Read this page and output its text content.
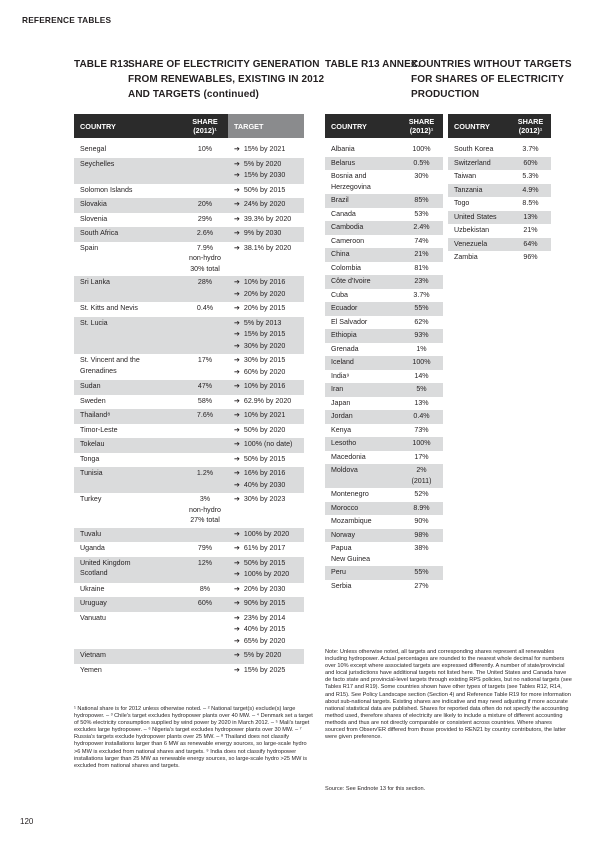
REFERENCE TABLES
TABLE R13.
SHARE OF ELECTRICITY GENERATION
FROM RENEWABLES, EXISTING IN 2012
AND TARGETS (continued)
TABLE R13 ANNEX.
COUNTRIES WITHOUT TARGETS
FOR SHARES OF ELECTRICITY
PRODUCTION
COUNTRY	SHARE
(2012)¹	TARGET

Senegal	10%	➔ 15% by 2021

Seychelles		➔ 5% by 2020
➔ 15% by 2030

Solomon Islands		➔ 50% by 2015

Slovakia	20%	➔ 24% by 2020

Slovenia	29%	➔ 39.3% by 2020

South Africa	2.6%	➔ 9% by 2030

Spain	7.9%
non-hydro
30% total	➔ 38.1% by 2020

Sri Lanka	28%	➔ 10% by 2016
➔ 20% by 2020

St. Kitts and Nevis	0.4%	➔ 20% by 2015

St. Lucia		➔ 5% by 2013
➔ 15% by 2015
➔ 30% by 2020

St. Vincent and the
Grenadines	17%	➔ 30% by 2015
➔ 60% by 2020

Sudan	47%	➔ 10% by 2016

Sweden	58%	➔ 62.9% by 2020

Thailand⁸	7.6%	➔ 10% by 2021

Timor-Leste		➔ 50% by 2020

Tokelau		➔ 100% (no date)

Tonga		➔ 50% by 2015

Tunisia	1.2%	➔ 16% by 2016
➔ 40% by 2030

Turkey	3%
non-hydro
27% total	➔ 30% by 2023

Tuvalu		➔ 100% by 2020

Uganda	79%	➔ 61% by 2017

United Kingdom
Scotland	12%	➔ 50% by 2015
➔ 100% by 2020

Ukraine	8%	➔ 20% by 2030

Uruguay	60%	➔ 90% by 2015

Vanuatu		➔ 23% by 2014
➔ 40% by 2015
➔ 65% by 2020

Vietnam		➔ 5% by 2020

Yemen		➔ 15% by 2025
COUNTRY	SHARE
(2012)¹

Albania	100%

Belarus	0.5%

Bosnia and
Herzegovina	30%

Brazil	85%

Canada	53%

Cambodia	2.4%

Cameroon	74%

China	21%

Colombia	81%

Côte d'Ivoire	23%

Cuba	3.7%

Ecuador	55%

El Salvador	62%

Ethiopia	93%

Grenada	1%

Iceland	100%

India⁹	14%

Iran	5%

Japan	13%

Jordan	0.4%

Kenya	73%

Lesotho	100%

Macedonia	17%

Moldova	2%
(2011)

Montenegro	52%

Morocco	8.9%

Mozambique	90%

Norway	98%

Papua
New Guinea	38%

Peru	55%

Serbia	27%
COUNTRY	SHARE
(2012)¹

South Korea	3.7%

Switzerland	60%

Taiwan	5.3%

Tanzania	4.9%

Togo	8.5%

United States	13%

Uzbekistan	21%

Venezuela	64%

Zambia	96%
¹ National share is for 2012 unless otherwise noted. – ² National target(s) exclude(s) large hydropower. – ³ Chile's target excludes hydropower plants over 40 MW. – ⁴ Denmark set a target of 50% electricity consumption supplied by wind power by 2020 in March 2012. – ⁵ Mali's target excludes large hydropower. – ⁶ Nigeria's target excludes hydropower plants over 30 MW. – ⁷ Russia's targets exclude hydropower plants over 25 MW. – ⁸ Thailand does not classify hydropower installations larger than 6 MW as renewable energy sources, so large-scale hydro >6 MW is excluded from national shares and targets. ⁹ India does not classify hydropower installations larger than 25 MW as renewable energy sources, so large-scale hydro >25 MW is excluded from national shares and targets.
Note: Unless otherwise noted, all targets and corresponding shares represent all renewables including hydropower. Actual percentages are rounded to the nearest whole decimal for numbers over 10% except where associated targets are expressed differently. A number of state/provincial and local jurisdictions have additional targets not listed here. The United States and Canada have de facto state and provincial-level targets through existing RPS policies, but no national targets (see Tables R17 and R19). Some countries shown have other types of targets (see Tables R12, R14, and R15). See Policy Landscape section (Section 4) and Reference Table R19 for more information about sub-national targets. Existing shares are indicative and may need adjusting if more accurate national statistical data are published. Shares for reported data often do not specify the accounting method used, therefore shares of electricity are likely to include a mixture of different accounting methods and thus are not directly comparable or consistent across countries. Where shares sourced from Observ'ER differed from those provided to REN21 by country contributors, the latter were given preference.
Source: See Endnote 13 for this section.
120
